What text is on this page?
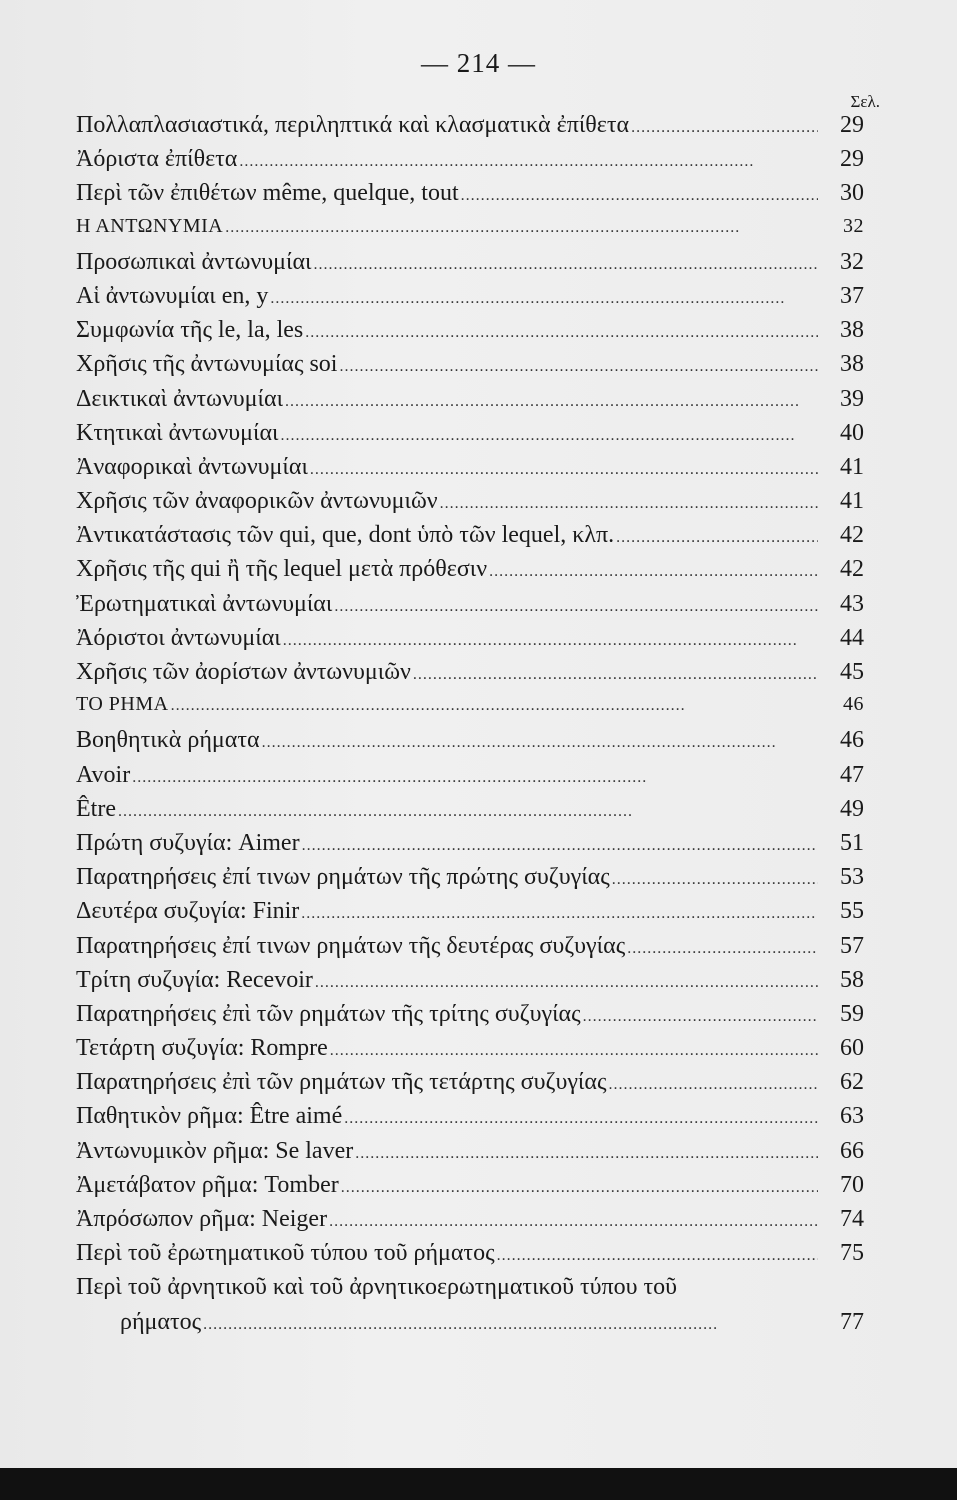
— 214 —
Σελ.
Πολλαπλασιαστικά, περιληπτικά καὶ κλασματικὰ ἐπίθετα . . .	29
Ἀόριστα ἐπίθετα . . .	29
Περὶ τῶν ἐπιθέτων même, quelque, tout . . .	30
Η ΑΝΤΩΝΥΜΙΑ . . .	32
Προσωπικαὶ ἀντωνυμίαι . . .	32
Αἱ ἀντωνυμίαι en, y . . .	37
Συμφωνία τῆς le, la, les . . .	38
Χρῆσις τῆς ἀντωνυμίας soi . . .	38
Δεικτικαὶ ἀντωνυμίαι . . .	39
Κτητικαὶ ἀντωνυμίαι . . .	40
Ἀναφορικαὶ ἀντωνυμίαι . . .	41
Χρῆσις τῶν ἀναφορικῶν ἀντωνυμιῶν . . .	41
Ἀντικατάστασις τῶν qui, que, dont ὑπὸ τῶν lequel, κλπ. . . .	42
Χρῆσις τῆς qui ἢ τῆς lequel μετὰ πρόθεσιν . . .	42
Ἐρωτηματικαὶ ἀντωνυμίαι . . .	43
Ἀόριστοι ἀντωνυμίαι . . .	44
Χρῆσις τῶν ἀορίστων ἀντωνυμιῶν . . .	45
ΤΟ ΡΗΜΑ . . .	46
Βοηθητικὰ ρήματα . . .	46
Avoir . . .	47
Être . . .	49
Πρώτη συζυγία: Aimer . . .	51
Παρατηρήσεις ἐπί τινων ρημάτων τῆς πρώτης συζυγίας . . .	53
Δευτέρα συζυγία: Finir . . .	55
Παρατηρήσεις ἐπί τινων ρημάτων τῆς δευτέρας συζυγίας . . .	57
Τρίτη συζυγία: Recevoir . . .	58
Παρατηρήσεις ἐπὶ τῶν ρημάτων τῆς τρίτης συζυγίας . . .	59
Τετάρτη συζυγία: Rompre . . .	60
Παρατηρήσεις ἐπὶ τῶν ρημάτων τῆς τετάρτης συζυγίας . . .	62
Παθητικὸν ρῆμα: Être aimé . . .	63
Ἀντωνυμικὸν ρῆμα: Se laver . . .	66
Ἀμετάβατον ρῆμα: Tomber . . .	70
Ἀπρόσωπον ρῆμα: Neiger . . .	74
Περὶ τοῦ ἐρωτηματικοῦ τύπου τοῦ ρήματος . . .	75
Περὶ τοῦ ἀρνητικοῦ καὶ τοῦ ἀρνητικοερωτηματικοῦ τύπου τοῦ
ρήματος . . .	77
